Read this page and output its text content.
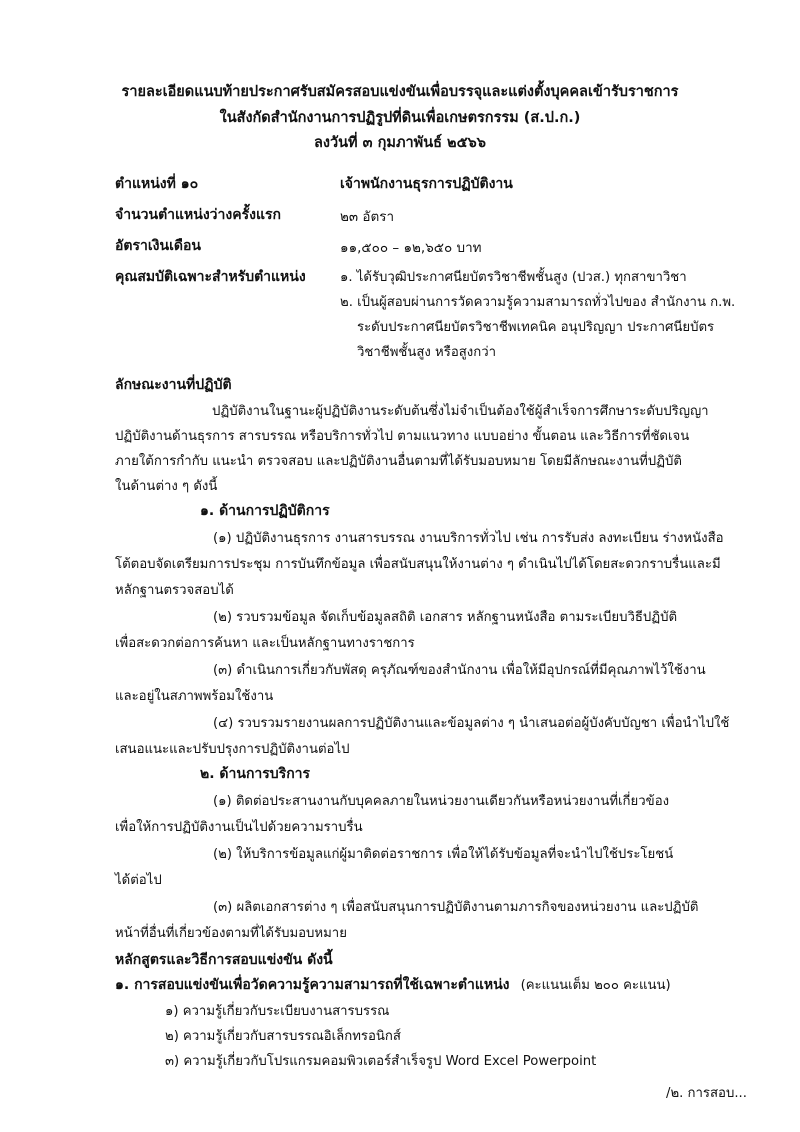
รายละเอียดแนบท้ายประกาศรับสมัครสอบแข่งขันเพื่อบรรจุและแต่งตั้งบุคคลเข้ารับราชการ
ในสังกัดสำนักงานการปฏิรูปที่ดินเพื่อเกษตรกรรม (ส.ป.ก.)
ลงวันที่ ๓ กุมภาพันธ์ ๒๕๖๖
ตำแหน่งที่ ๑๐	เจ้าพนักงานธุรการปฏิบัติงาน
จำนวนตำแหน่งว่างครั้งแรก	๒๓ อัตรา
อัตราเงินเดือน	๑๑,๕๐๐ – ๑๒,๖๕๐ บาท
คุณสมบัติเฉพาะสำหรับตำแหน่ง	๑. ได้รับวุฒิประกาศนียบัตรวิชาชีพชั้นสูง (ปวส.) ทุกสาขาวิชา
๒. เป็นผู้สอบผ่านการวัดความรู้ความสามารถทั่วไปของ สำนักงาน ก.พ.
ระดับประกาศนียบัตรวิชาชีพเทคนิค อนุปริญญา ประกาศนียบัตร
วิชาชีพชั้นสูง หรือสูงกว่า
ลักษณะงานที่ปฏิบัติ
ปฏิบัติงานในฐานะผู้ปฏิบัติงานระดับต้นซึ่งไม่จำเป็นต้องใช้ผู้สำเร็จการศึกษาระดับปริญญา
ปฏิบัติงานด้านธุรการ สารบรรณ หรือบริการทั่วไป ตามแนวทาง แบบอย่าง ขั้นตอน และวิธีการที่ชัดเจน
ภายใต้การกำกับ แนะนำ ตรวจสอบ และปฏิบัติงานอื่นตามที่ได้รับมอบหมาย โดยมีลักษณะงานที่ปฏิบัติ
ในด้านต่าง ๆ ดังนี้
๑. ด้านการปฏิบัติการ
(๑) ปฏิบัติงานธุรการ งานสารบรรณ งานบริการทั่วไป เช่น การรับส่ง ลงทะเบียน ร่างหนังสือ
โต้ตอบจัดเตรียมการประชุม การบันทึกข้อมูล เพื่อสนับสนุนให้งานต่าง ๆ ดำเนินไปได้โดยสะดวกราบรื่นและมี
หลักฐานตรวจสอบได้
(๒) รวบรวมข้อมูล จัดเก็บข้อมูลสถิติ เอกสาร หลักฐานหนังสือ ตามระเบียบวิธีปฏิบัติ
เพื่อสะดวกต่อการค้นหา และเป็นหลักฐานทางราชการ
(๓) ดำเนินการเกี่ยวกับพัสดุ ครุภัณฑ์ของสำนักงาน เพื่อให้มีอุปกรณ์ที่มีคุณภาพไว้ใช้งาน
และอยู่ในสภาพพร้อมใช้งาน
(๔) รวบรวมรายงานผลการปฏิบัติงานและข้อมูลต่าง ๆ นำเสนอต่อผู้บังคับบัญชา เพื่อนำไปใช้
เสนอแนะและปรับปรุงการปฏิบัติงานต่อไป
๒. ด้านการบริการ
(๑) ติดต่อประสานงานกับบุคคลภายในหน่วยงานเดียวกันหรือหน่วยงานที่เกี่ยวข้อง
เพื่อให้การปฏิบัติงานเป็นไปด้วยความราบรื่น
(๒) ให้บริการข้อมูลแก่ผู้มาติดต่อราชการ เพื่อให้ได้รับข้อมูลที่จะนำไปใช้ประโยชน์
ได้ต่อไป
(๓) ผลิตเอกสารต่าง ๆ เพื่อสนับสนุนการปฏิบัติงานตามภารกิจของหน่วยงาน และปฏิบัติ
หน้าที่อื่นที่เกี่ยวข้องตามที่ได้รับมอบหมาย
หลักสูตรและวิธีการสอบแข่งขัน ดังนี้
๑. การสอบแข่งขันเพื่อวัดความรู้ความสามารถที่ใช้เฉพาะตำแหน่ง (คะแนนเต็ม ๒๐๐ คะแนน)
๑) ความรู้เกี่ยวกับระเบียบงานสารบรรณ
๒) ความรู้เกี่ยวกับสารบรรณอิเล็กทรอนิกส์
๓) ความรู้เกี่ยวกับโปรแกรมคอมพิวเตอร์สำเร็จรูป Word Excel Powerpoint
/๒. การสอบ...
